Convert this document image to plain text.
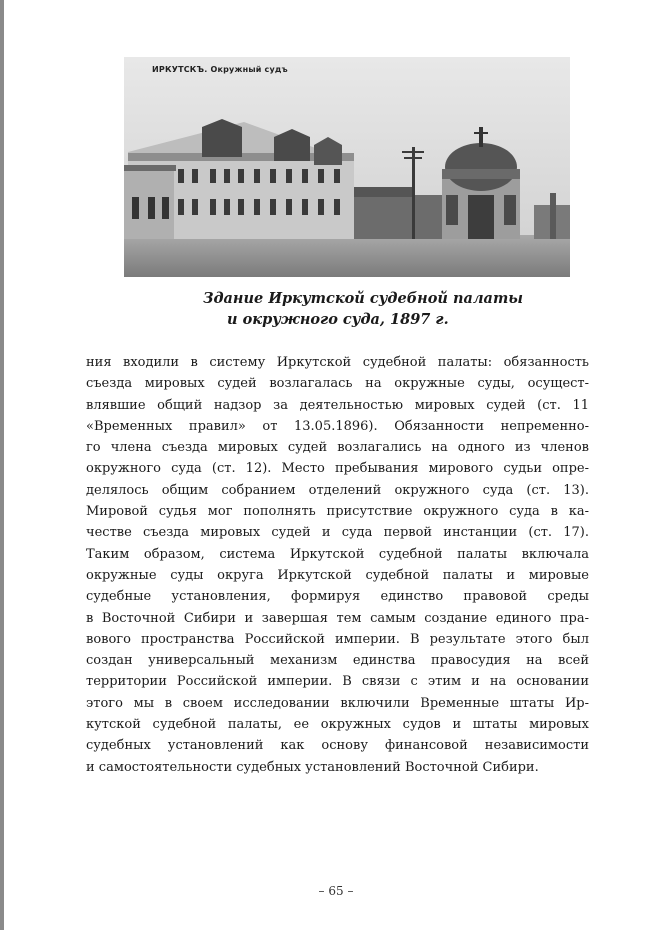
ИРКУТСКЪ. Окружный судъ
Здание Иркутской судебной палаты
и окружного суда, 1897 г.
ния входили в систему Иркутской судебной палаты: обязанность
съезда мировых судей возлагалась на окружные суды, осущест-
влявшие общий надзор за деятельностью мировых судей (ст. 11
«Временных правил» от 13.05.1896). Обязанности непременно-
го члена съезда мировых судей возлагались на одного из членов
окружного суда (ст. 12). Место пребывания мирового судьи опре-
делялось общим собранием отделений окружного суда (ст. 13).
Мировой судья мог пополнять присутствие окружного суда в ка-
честве съезда мировых судей и суда первой инстанции (ст. 17).
Таким образом, система Иркутской судебной палаты включала
окружные суды округа Иркутской судебной палаты и мировые
судебные установления, формируя единство правовой среды
в Восточной Сибири и завершая тем самым создание единого пра-
вового пространства Российской империи. В результате этого был
создан универсальный механизм единства правосудия на всей
территории Российской империи. В связи с этим и на основании
этого мы в своем исследовании включили Временные штаты Ир-
кутской судебной палаты, ее окружных судов и штаты мировых
судебных установлений как основу финансовой независимости
и самостоятельности судебных установлений Восточной Сибири.
– 65 –
